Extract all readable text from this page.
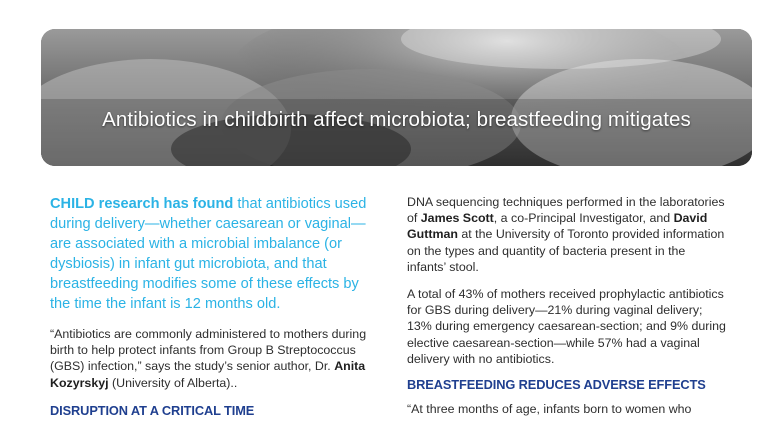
Antibiotics in childbirth affect microbiota; breastfeeding mitigates

CHILD research has found that antibiotics used during delivery—whether caesarean or vaginal—are associated with a microbial imbalance (or dysbiosis) in infant gut microbiota, and that breastfeeding modifies some of these effects by the time the infant is 12 months old.

“Antibiotics are commonly administered to mothers during birth to help protect infants from Group B Streptococcus (GBS) infection,” says the study’s senior author, Dr. Anita Kozyrskyj (University of Alberta)..

DISRUPTION AT A CRITICAL TIME

DNA sequencing techniques performed in the laboratories of James Scott, a co-Principal Investigator, and David Guttman at the University of Toronto provided information on the types and quantity of bacteria present in the infants’ stool.

A total of 43% of mothers received prophylactic antibiotics for GBS during delivery—21% during vaginal delivery; 13% during emergency caesarean-section; and 9% during elective caesarean-section—while 57% had a vaginal delivery with no antibiotics.

BREASTFEEDING REDUCES ADVERSE EFFECTS

“At three months of age, infants born to women who
